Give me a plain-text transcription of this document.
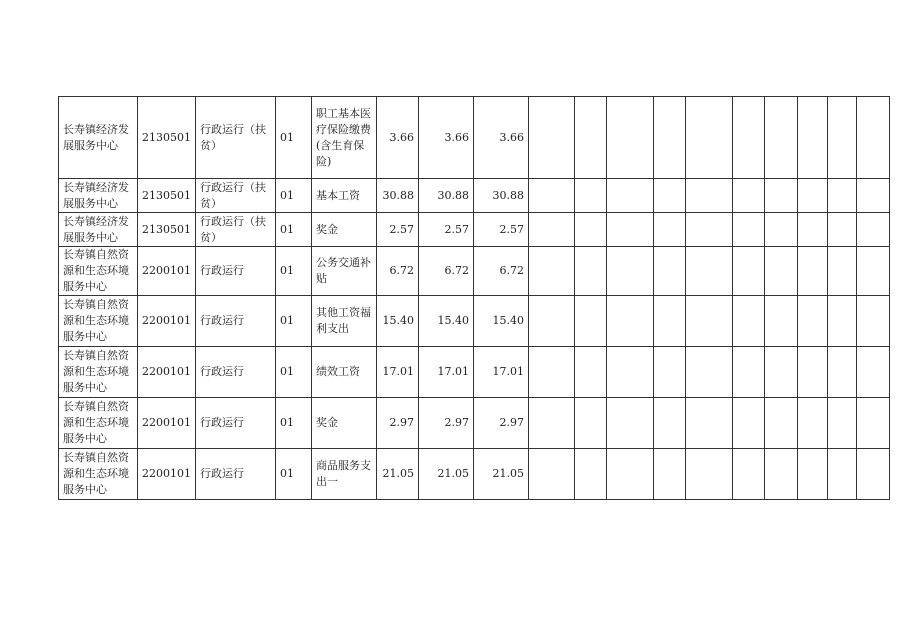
长寿镇经济发展服务中心	2130501	行政运行（扶贫）	01	职工基本医疗保险缴费(含生育保险)	3.66	3.66	3.66										
长寿镇经济发展服务中心	2130501	行政运行（扶贫）	01	基本工资	30.88	30.88	30.88										
长寿镇经济发展服务中心	2130501	行政运行（扶贫）	01	奖金	2.57	2.57	2.57										
长寿镇自然资源和生态环境服务中心	2200101	行政运行	01	公务交通补贴	6.72	6.72	6.72										
长寿镇自然资源和生态环境服务中心	2200101	行政运行	01	其他工资福利支出	15.40	15.40	15.40										
长寿镇自然资源和生态环境服务中心	2200101	行政运行	01	绩效工资	17.01	17.01	17.01										
长寿镇自然资源和生态环境服务中心	2200101	行政运行	01	奖金	2.97	2.97	2.97										
长寿镇自然资源和生态环境服务中心	2200101	行政运行	01	商品服务支出一	21.05	21.05	21.05										
